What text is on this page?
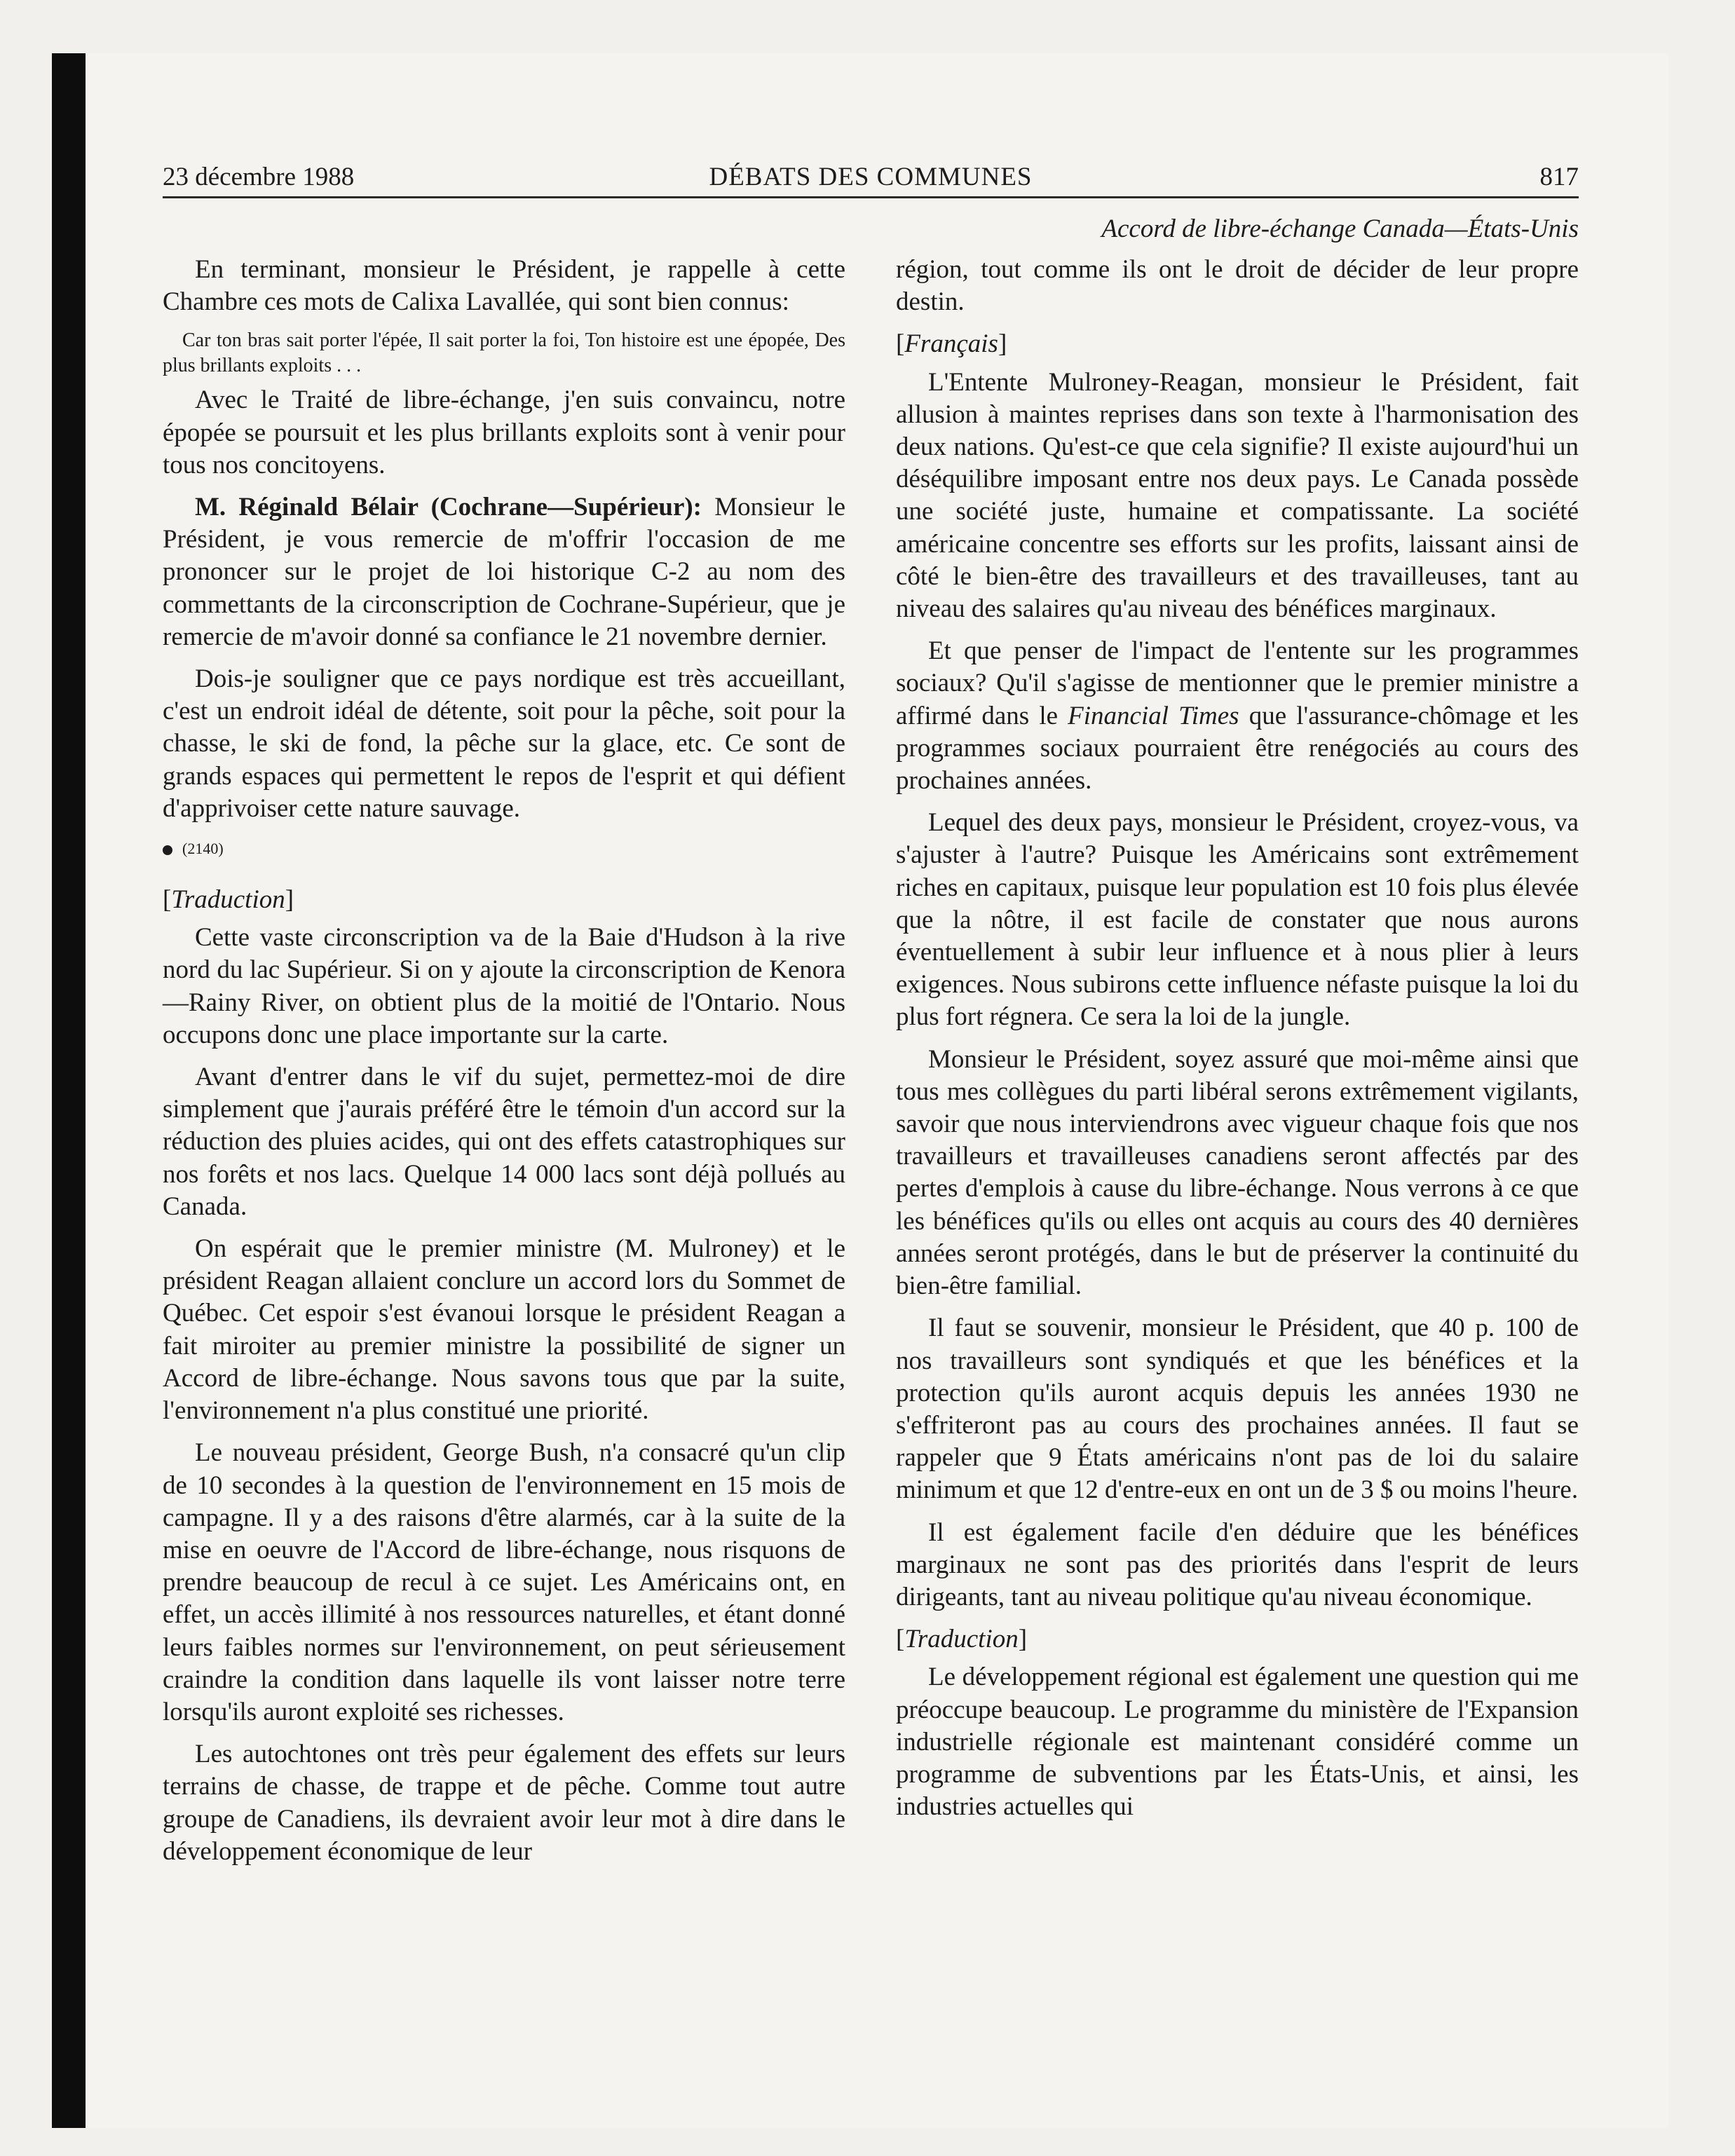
23 décembre 1988	DÉBATS DES COMMUNES	817
Accord de libre-échange Canada—États-Unis

En terminant, monsieur le Président, je rappelle à cette Chambre ces mots de Calixa Lavallée, qui sont bien connus:

Car ton bras sait porter l'épée, Il sait porter la foi, Ton histoire est une épopée, Des plus brillants exploits . . .

Avec le Traité de libre-échange, j'en suis convaincu, notre épopée se poursuit et les plus brillants exploits sont à venir pour tous nos concitoyens.

M. Réginald Bélair (Cochrane—Supérieur): Monsieur le Président, je vous remercie de m'offrir l'occasion de me prononcer sur le projet de loi historique C-2 au nom des commettants de la circonscription de Cochrane-Supérieur, que je remercie de m'avoir donné sa confiance le 21 novembre dernier.

Dois-je souligner que ce pays nordique est très accueillant, c'est un endroit idéal de détente, soit pour la pêche, soit pour la chasse, le ski de fond, la pêche sur la glace, etc. Ce sont de grands espaces qui permettent le repos de l'esprit et qui défient d'apprivoiser cette nature sauvage.

(2140)

[Traduction]

Cette vaste circonscription va de la Baie d'Hudson à la rive nord du lac Supérieur. Si on y ajoute la circonscription de Kenora—Rainy River, on obtient plus de la moitié de l'Ontario. Nous occupons donc une place importante sur la carte.

Avant d'entrer dans le vif du sujet, permettez-moi de dire simplement que j'aurais préféré être le témoin d'un accord sur la réduction des pluies acides, qui ont des effets catastrophiques sur nos forêts et nos lacs. Quelque 14 000 lacs sont déjà pollués au Canada.

On espérait que le premier ministre (M. Mulroney) et le président Reagan allaient conclure un accord lors du Sommet de Québec. Cet espoir s'est évanoui lorsque le président Reagan a fait miroiter au premier ministre la possibilité de signer un Accord de libre-échange. Nous savons tous que par la suite, l'environnement n'a plus constitué une priorité.

Le nouveau président, George Bush, n'a consacré qu'un clip de 10 secondes à la question de l'environnement en 15 mois de campagne. Il y a des raisons d'être alarmés, car à la suite de la mise en oeuvre de l'Accord de libre-échange, nous risquons de prendre beaucoup de recul à ce sujet. Les Américains ont, en effet, un accès illimité à nos ressources naturelles, et étant donné leurs faibles normes sur l'environnement, on peut sérieusement craindre la condition dans laquelle ils vont laisser notre terre lorsqu'ils auront exploité ses richesses.

Les autochtones ont très peur également des effets sur leurs terrains de chasse, de trappe et de pêche. Comme tout autre groupe de Canadiens, ils devraient avoir leur mot à dire dans le développement économique de leur

région, tout comme ils ont le droit de décider de leur propre destin.

[Français]

L'Entente Mulroney-Reagan, monsieur le Président, fait allusion à maintes reprises dans son texte à l'harmonisation des deux nations. Qu'est-ce que cela signifie? Il existe aujourd'hui un déséquilibre imposant entre nos deux pays. Le Canada possède une société juste, humaine et compatissante. La société américaine concentre ses efforts sur les profits, laissant ainsi de côté le bien-être des travailleurs et des travailleuses, tant au niveau des salaires qu'au niveau des bénéfices marginaux.

Et que penser de l'impact de l'entente sur les programmes sociaux? Qu'il s'agisse de mentionner que le premier ministre a affirmé dans le Financial Times que l'assurance-chômage et les programmes sociaux pourraient être renégociés au cours des prochaines années.

Lequel des deux pays, monsieur le Président, croyez-vous, va s'ajuster à l'autre? Puisque les Américains sont extrêmement riches en capitaux, puisque leur population est 10 fois plus élevée que la nôtre, il est facile de constater que nous aurons éventuellement à subir leur influence et à nous plier à leurs exigences. Nous subirons cette influence néfaste puisque la loi du plus fort régnera. Ce sera la loi de la jungle.

Monsieur le Président, soyez assuré que moi-même ainsi que tous mes collègues du parti libéral serons extrêmement vigilants, savoir que nous interviendrons avec vigueur chaque fois que nos travailleurs et travailleuses canadiens seront affectés par des pertes d'emplois à cause du libre-échange. Nous verrons à ce que les bénéfices qu'ils ou elles ont acquis au cours des 40 dernières années seront protégés, dans le but de préserver la continuité du bien-être familial.

Il faut se souvenir, monsieur le Président, que 40 p. 100 de nos travailleurs sont syndiqués et que les bénéfices et la protection qu'ils auront acquis depuis les années 1930 ne s'effriteront pas au cours des prochaines années. Il faut se rappeler que 9 États américains n'ont pas de loi du salaire minimum et que 12 d'entre-eux en ont un de 3 $ ou moins l'heure.

Il est également facile d'en déduire que les bénéfices marginaux ne sont pas des priorités dans l'esprit de leurs dirigeants, tant au niveau politique qu'au niveau économique.

[Traduction]

Le développement régional est également une question qui me préoccupe beaucoup. Le programme du ministère de l'Expansion industrielle régionale est maintenant considéré comme un programme de subventions par les États-Unis, et ainsi, les industries actuelles qui
